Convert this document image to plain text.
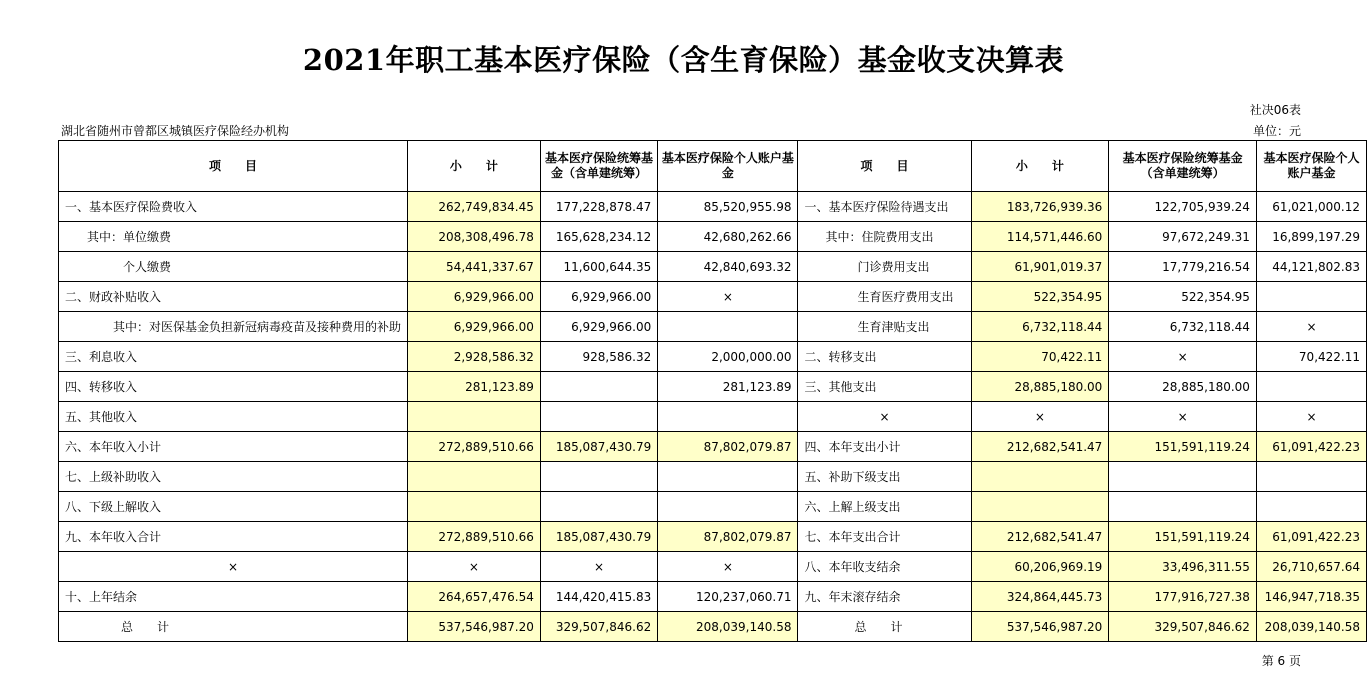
2021年职工基本医疗保险（含生育保险）基金收支决算表
社决06表
湖北省随州市曾都区城镇医疗保险经办机构	单位：元
项　　目	小　　计	基本医疗保险统筹基金（含单建统筹）	基本医疗保险个人账户基金	项　　目	小　　计	基本医疗保险统筹基金（含单建统筹）	基本医疗保险个人账户基金
一、基本医疗保险费收入	262,749,834.45	177,228,878.47	85,520,955.98	一、基本医疗保险待遇支出	183,726,939.36	122,705,939.24	61,021,000.12
其中：单位缴费	208,308,496.78	165,628,234.12	42,680,262.66	其中：住院费用支出	114,571,446.60	97,672,249.31	16,899,197.29
个人缴费	54,441,337.67	11,600,644.35	42,840,693.32	门诊费用支出	61,901,019.37	17,779,216.54	44,121,802.83
二、财政补贴收入	6,929,966.00	6,929,966.00	×	生育医疗费用支出	522,354.95	522,354.95	
其中：对医保基金负担新冠病毒疫苗及接种费用的补助	6,929,966.00	6,929,966.00		生育津贴支出	6,732,118.44	6,732,118.44	×
三、利息收入	2,928,586.32	928,586.32	2,000,000.00	二、转移支出	70,422.11	×	70,422.11
四、转移收入	281,123.89		281,123.89	三、其他支出	28,885,180.00	28,885,180.00	
五、其他收入				×	×	×	×
六、本年收入小计	272,889,510.66	185,087,430.79	87,802,079.87	四、本年支出小计	212,682,541.47	151,591,119.24	61,091,422.23
七、上级补助收入				五、补助下级支出			
八、下级上解收入				六、上解上级支出			
九、本年收入合计	272,889,510.66	185,087,430.79	87,802,079.87	七、本年支出合计	212,682,541.47	151,591,119.24	61,091,422.23
×	×	×	×	八、本年收支结余	60,206,969.19	33,496,311.55	26,710,657.64
十、上年结余	264,657,476.54	144,420,415.83	120,237,060.71	九、年末滚存结余	324,864,445.73	177,916,727.38	146,947,718.35
总　　计	537,546,987.20	329,507,846.62	208,039,140.58	总　　计	537,546,987.20	329,507,846.62	208,039,140.58
第 6 页
